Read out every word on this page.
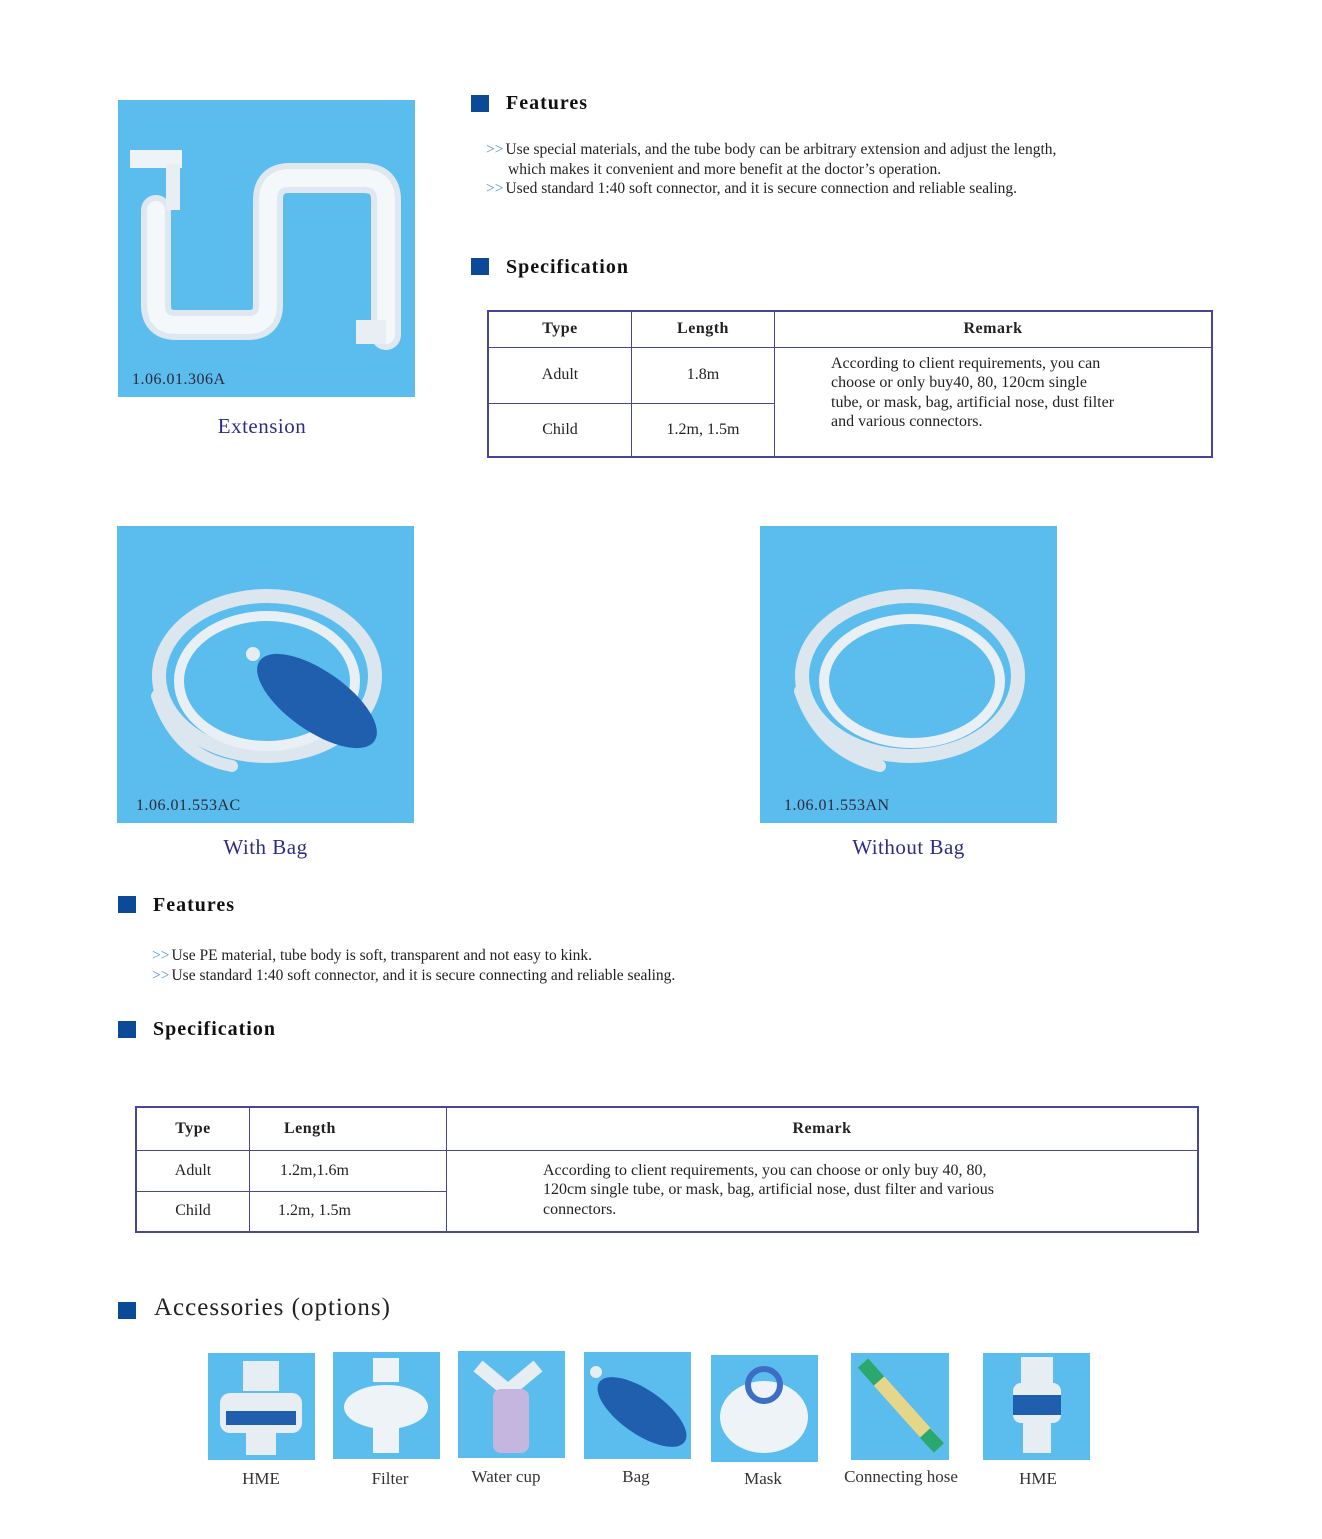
1.06.01.306A
Extension
Features
>> Use special materials, and the tube body can be arbitrary extension and adjust the length, which makes it convenient and more benefit at the doctor’s operation.
>> Used standard 1:40 soft connector, and it is secure connection and reliable sealing.
Specification
Type	Length	Remark
Adult	1.8m	According to client requirements, you can choose or only buy40, 80, 120cm single tube, or mask, bag, artificial nose, dust filter and various connectors.
Child	1.2m, 1.5m	
1.06.01.553AC
With Bag
1.06.01.553AN
Without Bag
Features
>> Use PE material, tube body is soft, transparent and not easy to kink.
>> Use standard 1:40 soft connector, and it is secure connecting and reliable sealing.
Specification
Type	Length	Remark
Adult	1.2m,1.6m	According to client requirements, you can choose or only buy 40, 80, 120cm single tube, or mask, bag, artificial nose, dust filter and various connectors.
Child	1.2m, 1.5m	
Accessories (options)
HME	Filter	Water cup	Bag	Mask	Connecting hose	HME
